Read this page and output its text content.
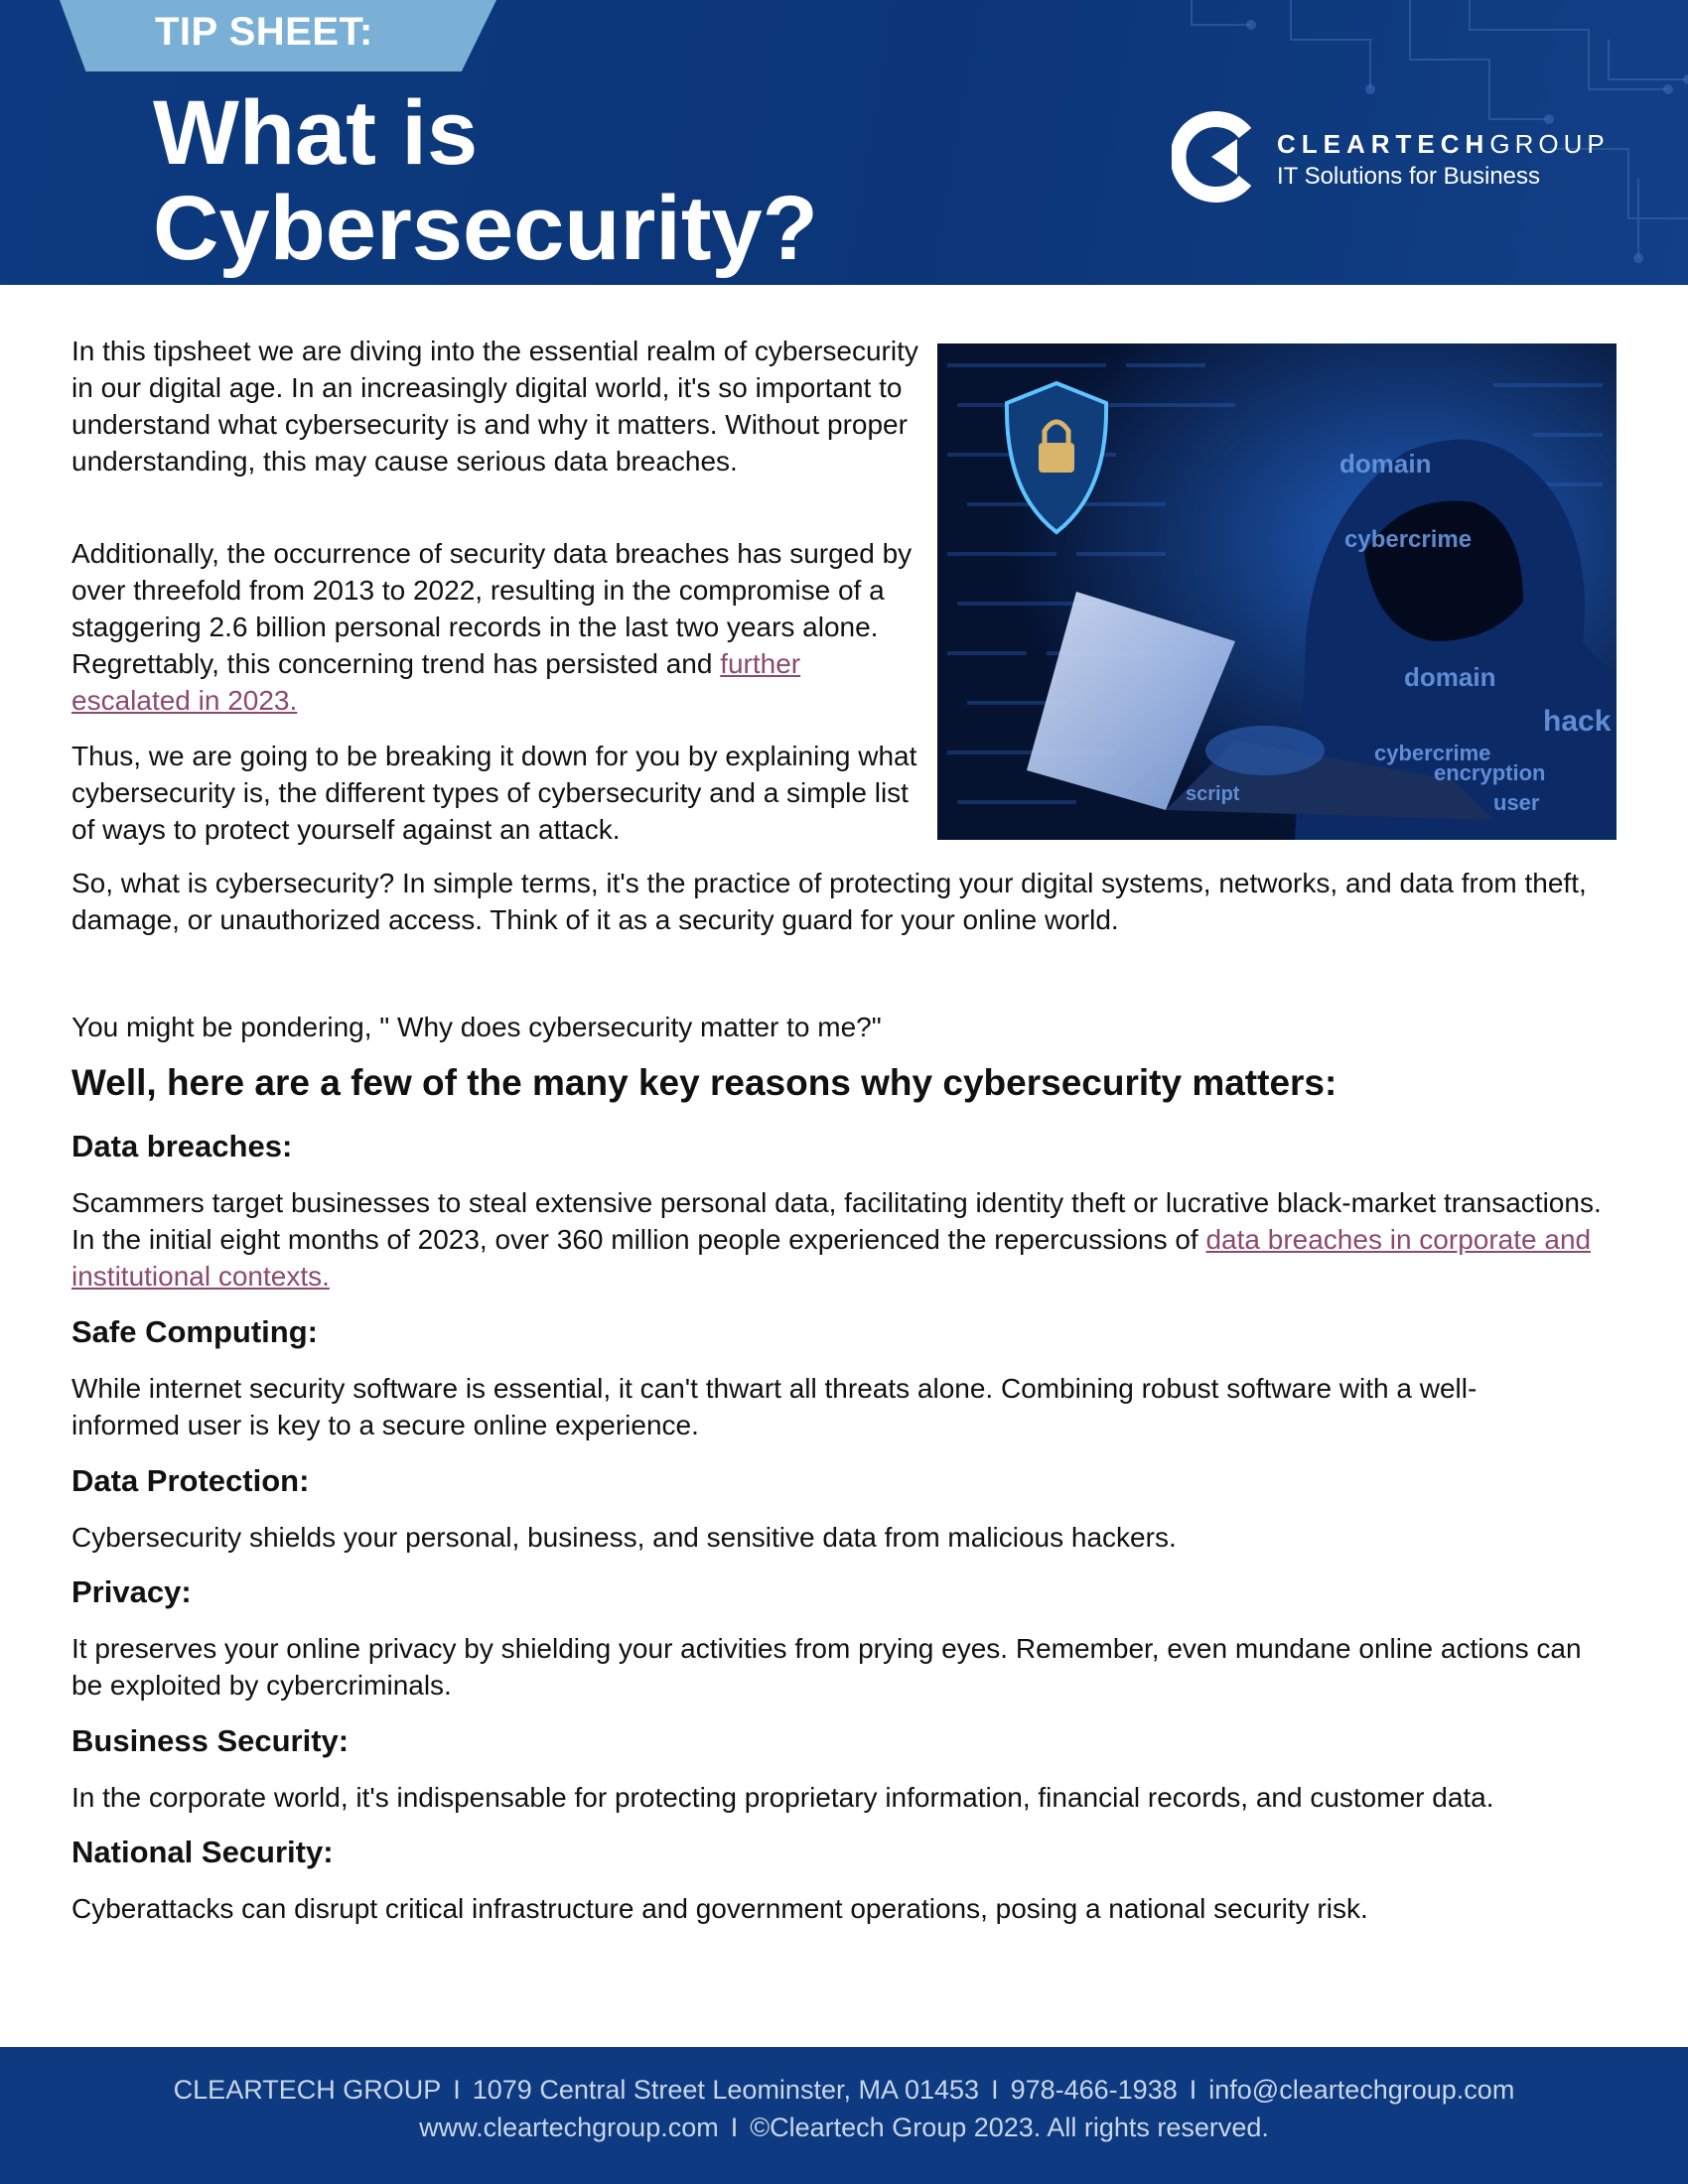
TIP SHEET:
What is
Cybersecurity?
CLEARTECHGROUP
IT Solutions for Business
domain
cybercrime
encryption
user
hack
script
domain
cybercrime

In this tipsheet we are diving into the essential realm of cybersecurity in our digital age. In an increasingly digital world, it's so important to understand what cybersecurity is and why it matters. Without proper understanding, this may cause serious data breaches.

Additionally, the occurrence of security data breaches has surged by over threefold from 2013 to 2022, resulting in the compromise of a staggering 2.6 billion personal records in the last two years alone. Regrettably, this concerning trend has persisted and further escalated in 2023.

Thus, we are going to be breaking it down for you by explaining what cybersecurity is, the different types of cybersecurity and a simple list of ways to protect yourself against an attack.

So, what is cybersecurity? In simple terms, it's the practice of protecting your digital systems, networks, and data from theft, damage, or unauthorized access. Think of it as a security guard for your online world.

You might be pondering, " Why does cybersecurity matter to me?"

Well, here are a few of the many key reasons why cybersecurity matters:
Data breaches:

Scammers target businesses to steal extensive personal data, facilitating identity theft or lucrative black-market transactions. In the initial eight months of 2023, over 360 million people experienced the repercussions of data breaches in corporate and institutional contexts.

Safe Computing:

While internet security software is essential, it can't thwart all threats alone. Combining robust software with a well-informed user is key to a secure online experience.

Data Protection:

Cybersecurity shields your personal, business, and sensitive data from malicious hackers.

Privacy:

It preserves your online privacy by shielding your activities from prying eyes. Remember, even mundane online actions can be exploited by cybercriminals.

Business Security:

In the corporate world, it's indispensable for protecting proprietary information, financial records, and customer data.

National Security:

Cyberattacks can disrupt critical infrastructure and government operations, posing a national security risk.

CLEARTECH GROUP I 1079 Central Street Leominster, MA 01453 I 978-466-1938 I info@cleartechgroup.com
www.cleartechgroup.com I ©Cleartech Group 2023. All rights reserved.
